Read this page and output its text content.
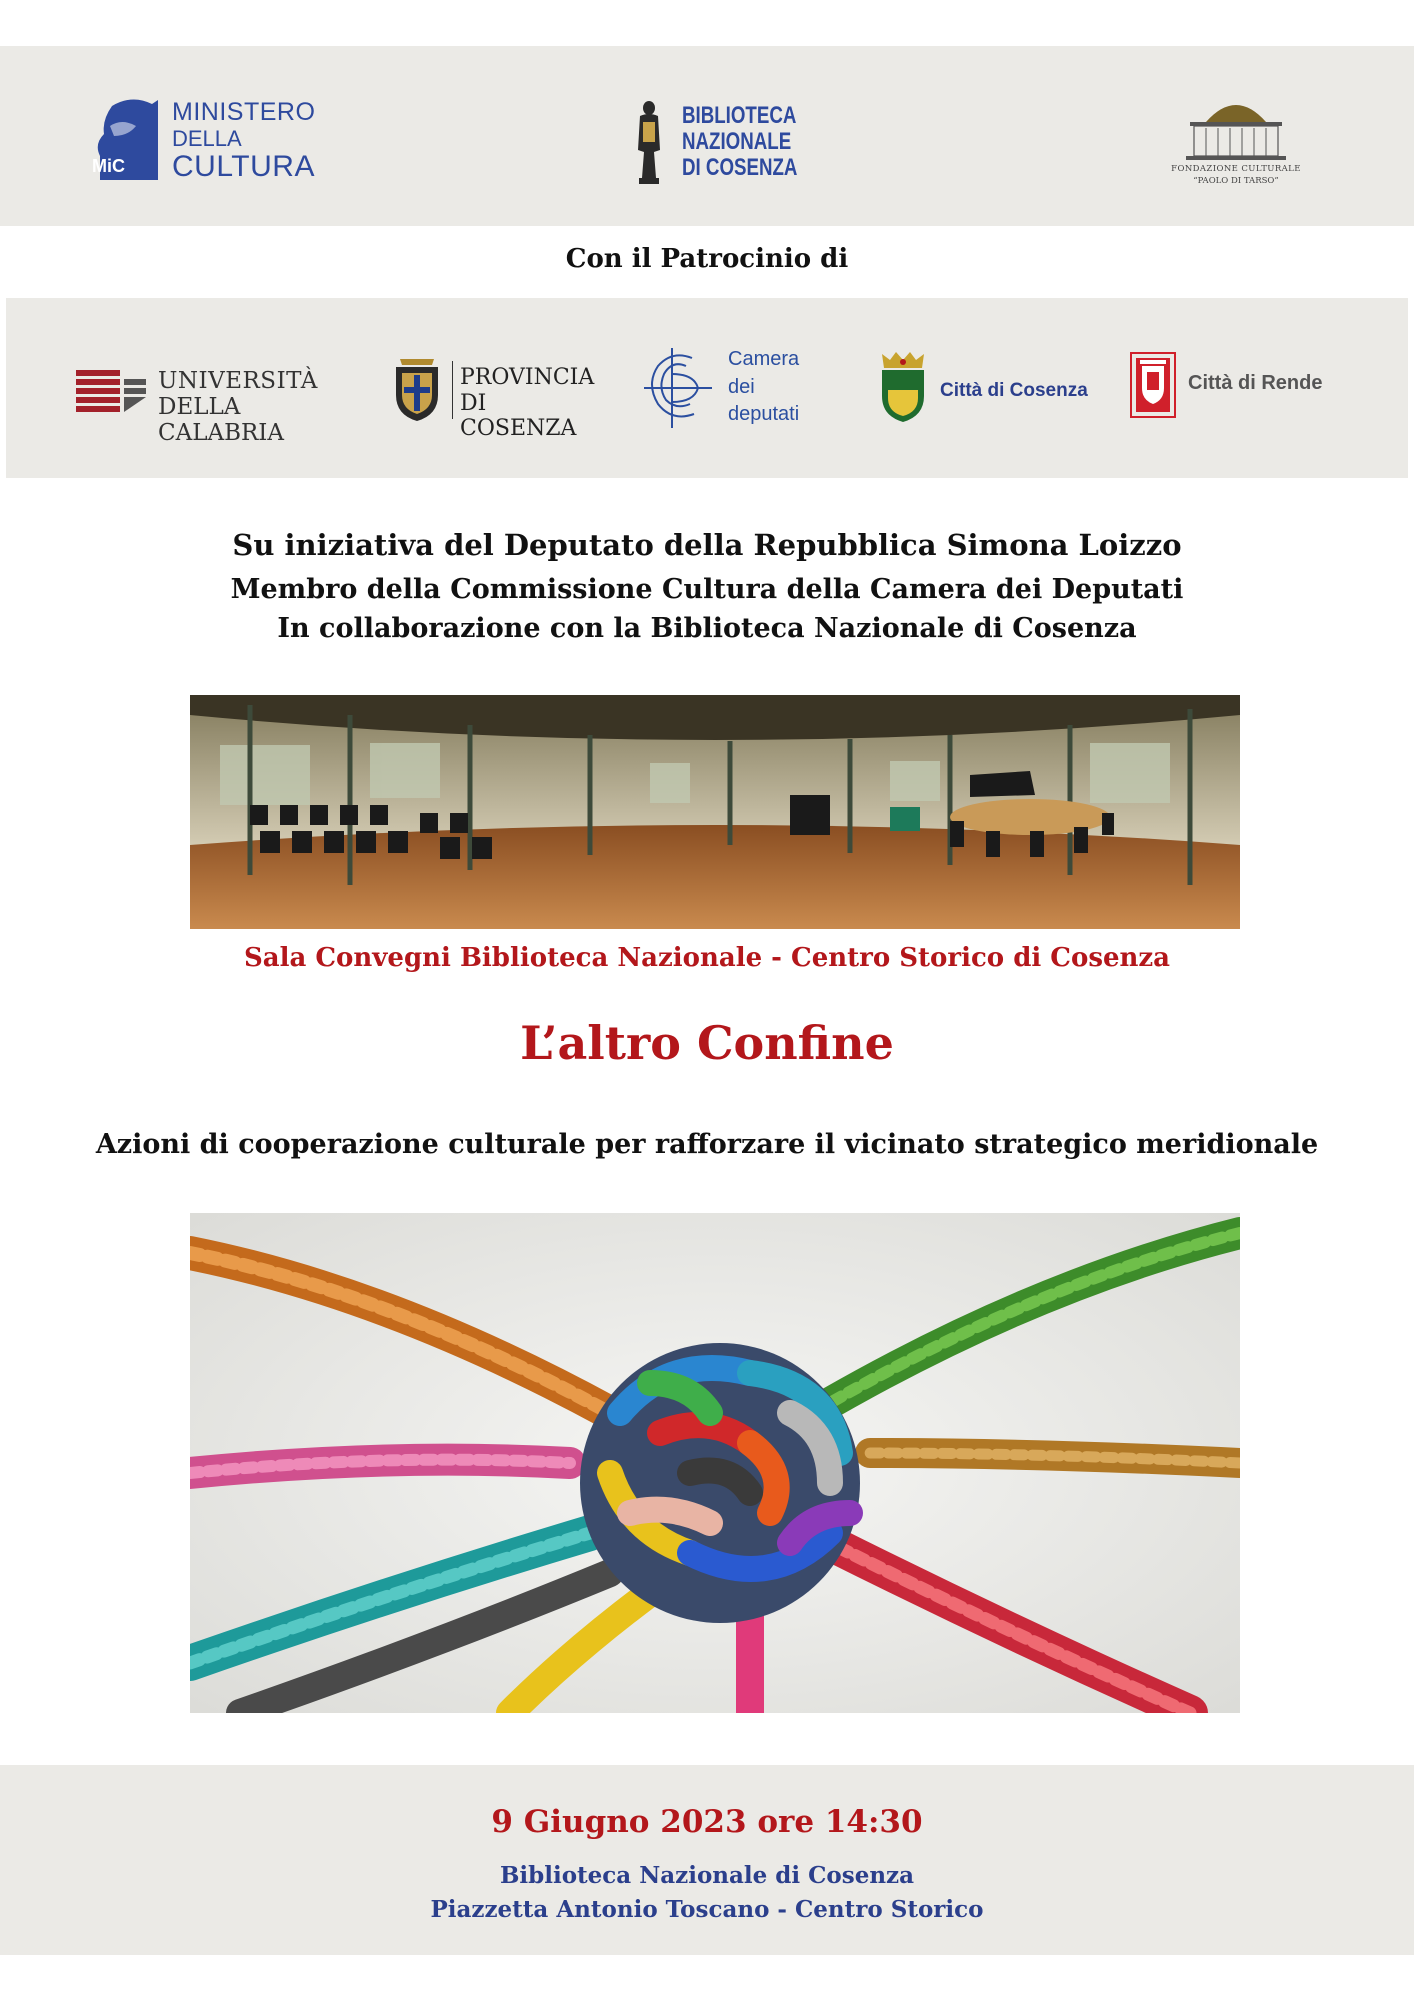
MiC
MINISTERO
DELLA
CULTURA
BIBLIOTECA
NAZIONALE
DI COSENZA	FONDAZIONE CULTURALE
“PAOLO DI TARSO”
Con il Patrocinio di
UNIVERSITÀ
DELLA CALABRIA
PROVINCIA
DI COSENZA
Camera
dei
deputati
Città di Cosenza	Città di Rende
Su iniziativa del Deputato della Repubblica Simona Loizzo
Membro della Commissione Cultura della Camera dei Deputati
In collaborazione con la Biblioteca Nazionale di Cosenza
Sala Convegni Biblioteca Nazionale - Centro Storico di Cosenza
L’altro Confine
Azioni di cooperazione culturale per rafforzare il vicinato strategico meridionale
9 Giugno 2023 ore 14:30
Biblioteca Nazionale di Cosenza
Piazzetta Antonio Toscano - Centro Storico
